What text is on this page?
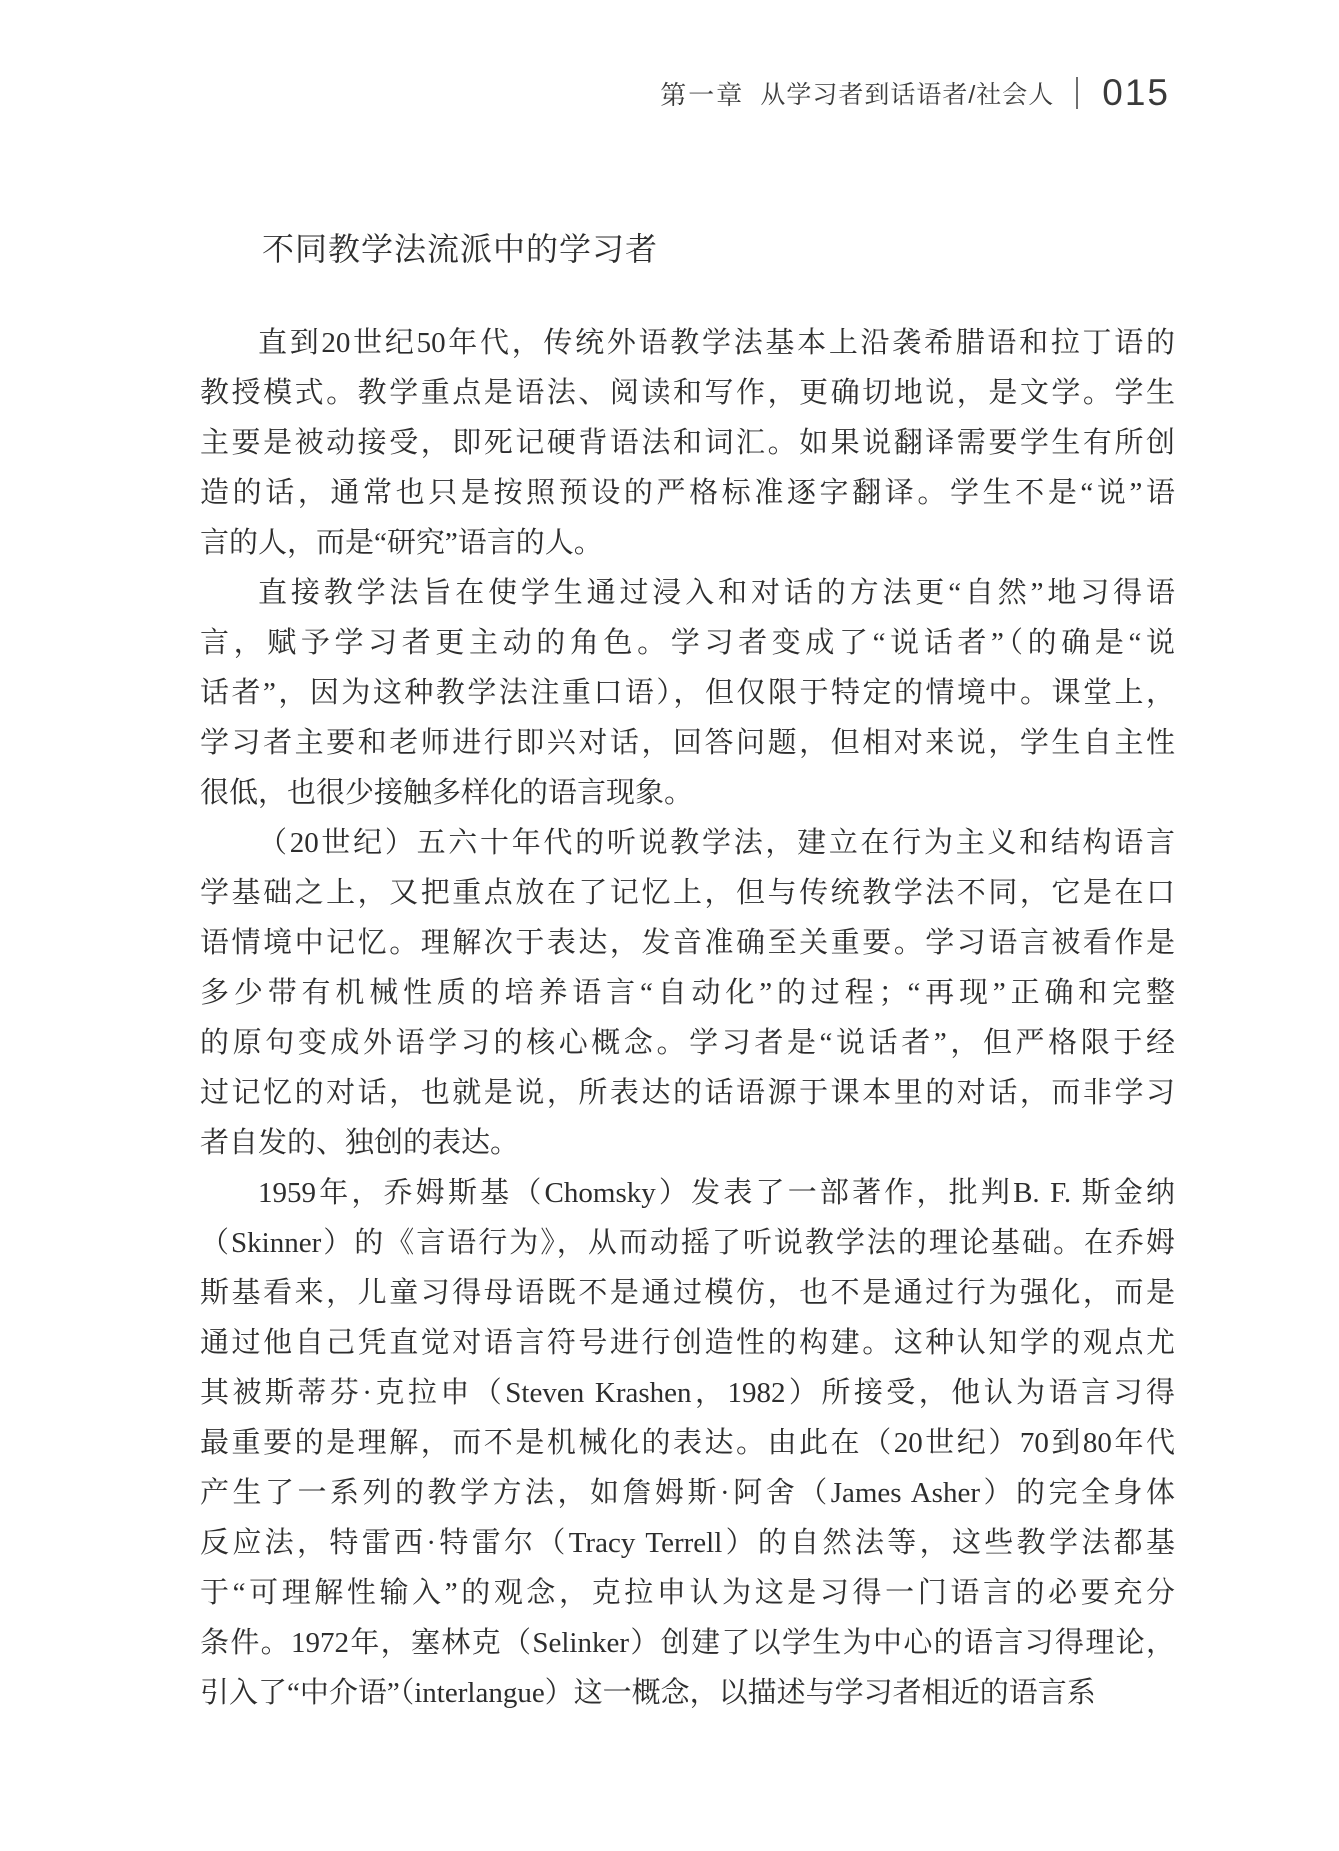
第一章 从学习者到话语者/社会人 015
不同教学法流派中的学习者
直到20世纪50年代，传统外语教学法基本上沿袭希腊语和拉丁语的
教授模式。教学重点是语法、阅读和写作，更确切地说，是文学。学生
主要是被动接受，即死记硬背语法和词汇。如果说翻译需要学生有所创
造的话，通常也只是按照预设的严格标准逐字翻译。学生不是“说”语
言的人，而是“研究”语言的人。
直接教学法旨在使学生通过浸入和对话的方法更“自然”地习得语
言，赋予学习者更主动的角色。学习者变成了“说话者”（的确是“说
话者”，因为这种教学法注重口语），但仅限于特定的情境中。课堂上，
学习者主要和老师进行即兴对话，回答问题，但相对来说，学生自主性
很低，也很少接触多样化的语言现象。
（20世纪）五六十年代的听说教学法，建立在行为主义和结构语言
学基础之上，又把重点放在了记忆上，但与传统教学法不同，它是在口
语情境中记忆。理解次于表达，发音准确至关重要。学习语言被看作是
多少带有机械性质的培养语言“自动化”的过程；“再现”正确和完整
的原句变成外语学习的核心概念。学习者是“说话者”，但严格限于经
过记忆的对话，也就是说，所表达的话语源于课本里的对话，而非学习
者自发的、独创的表达。
1959年，乔姆斯基（Chomsky）发表了一部著作，批判B. F. 斯金纳
（Skinner）的《言语行为》，从而动摇了听说教学法的理论基础。在乔姆
斯基看来，儿童习得母语既不是通过模仿，也不是通过行为强化，而是
通过他自己凭直觉对语言符号进行创造性的构建。这种认知学的观点尤
其被斯蒂芬·克拉申（Steven Krashen，1982）所接受，他认为语言习得
最重要的是理解，而不是机械化的表达。由此在（20世纪）70到80年代
产生了一系列的教学方法，如詹姆斯·阿舍（James Asher）的完全身体
反应法，特雷西·特雷尔（Tracy Terrell）的自然法等，这些教学法都基
于“可理解性输入”的观念，克拉申认为这是习得一门语言的必要充分
条件。1972年，塞林克（Selinker）创建了以学生为中心的语言习得理论，
引入了“中介语”（interlangue）这一概念，以描述与学习者相近的语言系
